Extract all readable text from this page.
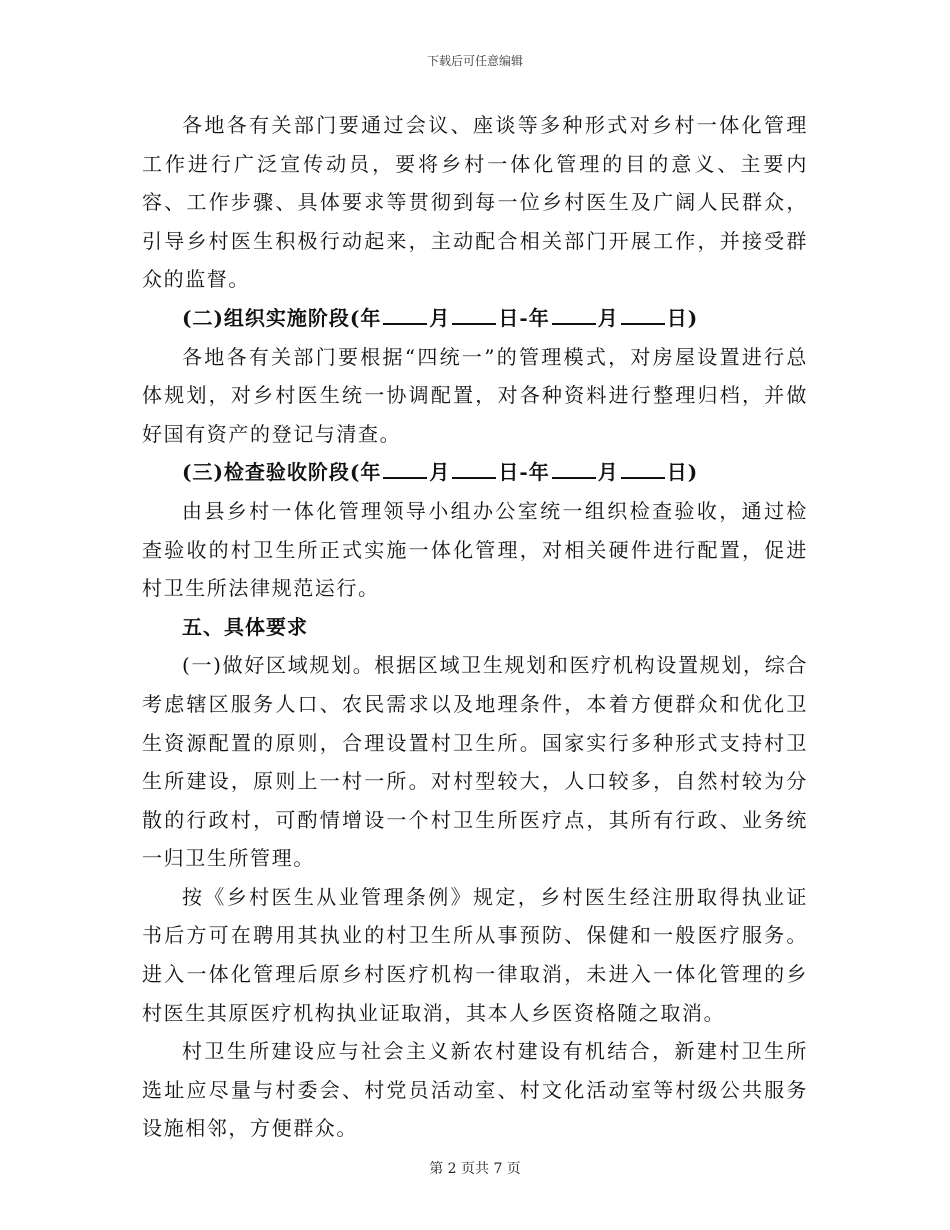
下载后可任意编辑

各地各有关部门要通过会议、座谈等多种形式对乡村一体化管理工作进行广泛宣传动员，要将乡村一体化管理的目的意义、主要内容、工作步骤、具体要求等贯彻到每一位乡村医生及广阔人民群众，引导乡村医生积极行动起来，主动配合相关部门开展工作，并接受群众的监督。

(二)组织实施阶段(年 月 日-年 月 日)

各地各有关部门要根据“四统一”的管理模式，对房屋设置进行总体规划，对乡村医生统一协调配置，对各种资料进行整理归档，并做好国有资产的登记与清查。

(三)检查验收阶段(年 月 日-年 月 日)

由县乡村一体化管理领导小组办公室统一组织检查验收，通过检查验收的村卫生所正式实施一体化管理，对相关硬件进行配置，促进村卫生所法律规范运行。

五、具体要求

(一)做好区域规划。根据区域卫生规划和医疗机构设置规划，综合考虑辖区服务人口、农民需求以及地理条件，本着方便群众和优化卫生资源配置的原则，合理设置村卫生所。国家实行多种形式支持村卫生所建设，原则上一村一所。对村型较大，人口较多，自然村较为分散的行政村，可酌情增设一个村卫生所医疗点，其所有行政、业务统一归卫生所管理。

按《乡村医生从业管理条例》规定，乡村医生经注册取得执业证书后方可在聘用其执业的村卫生所从事预防、保健和一般医疗服务。进入一体化管理后原乡村医疗机构一律取消，未进入一体化管理的乡村医生其原医疗机构执业证取消，其本人乡医资格随之取消。

村卫生所建设应与社会主义新农村建设有机结合，新建村卫生所选址应尽量与村委会、村党员活动室、村文化活动室等村级公共服务设施相邻，方便群众。

第 2 页共 7 页
